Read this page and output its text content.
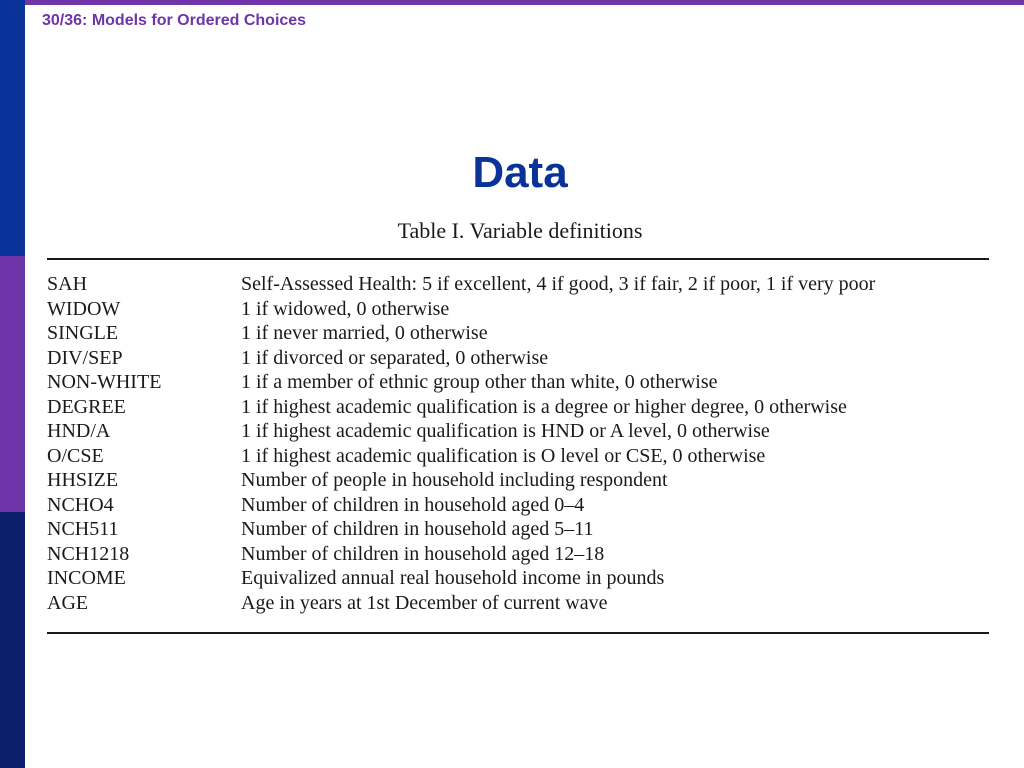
30/36: Models for Ordered Choices
Data
Table I. Variable definitions
SAH	Self-Assessed Health: 5 if excellent, 4 if good, 3 if fair, 2 if poor, 1 if very poor
WIDOW	1 if widowed, 0 otherwise
SINGLE	1 if never married, 0 otherwise
DIV/SEP	1 if divorced or separated, 0 otherwise
NON-WHITE	1 if a member of ethnic group other than white, 0 otherwise
DEGREE	1 if highest academic qualification is a degree or higher degree, 0 otherwise
HND/A	1 if highest academic qualification is HND or A level, 0 otherwise
O/CSE	1 if highest academic qualification is O level or CSE, 0 otherwise
HHSIZE	Number of people in household including respondent
NCHO4	Number of children in household aged 0–4
NCH511	Number of children in household aged 5–11
NCH1218	Number of children in household aged 12–18
INCOME	Equivalized annual real household income in pounds
AGE	Age in years at 1st December of current wave
